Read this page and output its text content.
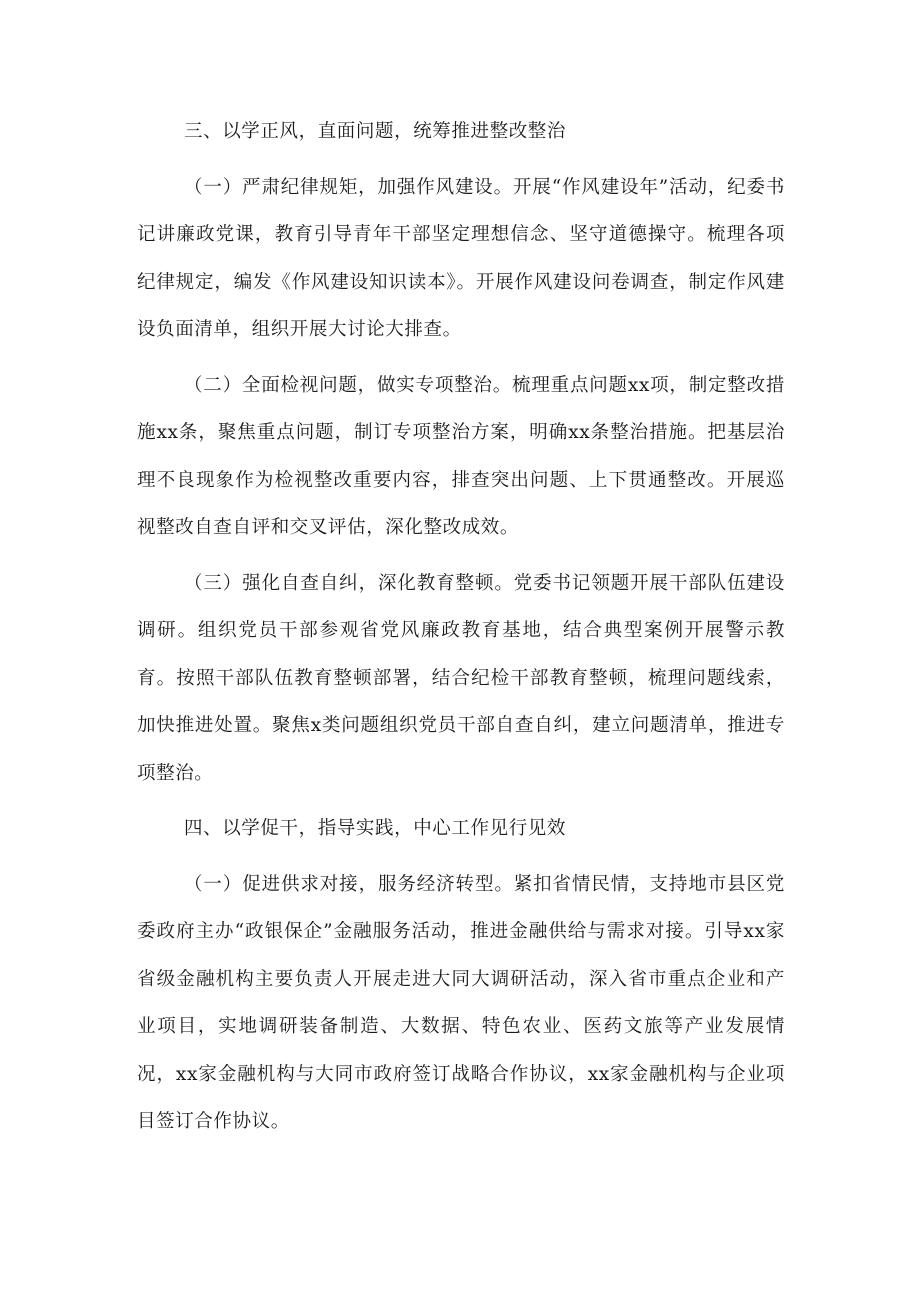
三、以学正风，直面问题，统筹推进整改整治

（一）严肃纪律规矩，加强作风建设。开展“作风建设年”活动，纪委书记讲廉政党课，教育引导青年干部坚定理想信念、坚守道德操守。梳理各项纪律规定，编发《作风建设知识读本》。开展作风建设问卷调查，制定作风建设负面清单，组织开展大讨论大排查。

（二）全面检视问题，做实专项整治。梳理重点问题xx项，制定整改措施xx条，聚焦重点问题，制订专项整治方案，明确xx条整治措施。把基层治理不良现象作为检视整改重要内容，排查突出问题、上下贯通整改。开展巡视整改自查自评和交叉评估，深化整改成效。

（三）强化自查自纠，深化教育整顿。党委书记领题开展干部队伍建设调研。组织党员干部参观省党风廉政教育基地，结合典型案例开展警示教育。按照干部队伍教育整顿部署，结合纪检干部教育整顿，梳理问题线索，加快推进处置。聚焦x类问题组织党员干部自查自纠，建立问题清单，推进专项整治。

四、以学促干，指导实践，中心工作见行见效

（一）促进供求对接，服务经济转型。紧扣省情民情，支持地市县区党委政府主办“政银保企”金融服务活动，推进金融供给与需求对接。引导xx家省级金融机构主要负责人开展走进大同大调研活动，深入省市重点企业和产业项目，实地调研装备制造、大数据、特色农业、医药文旅等产业发展情况，xx家金融机构与大同市政府签订战略合作协议，xx家金融机构与企业项目签订合作协议。
